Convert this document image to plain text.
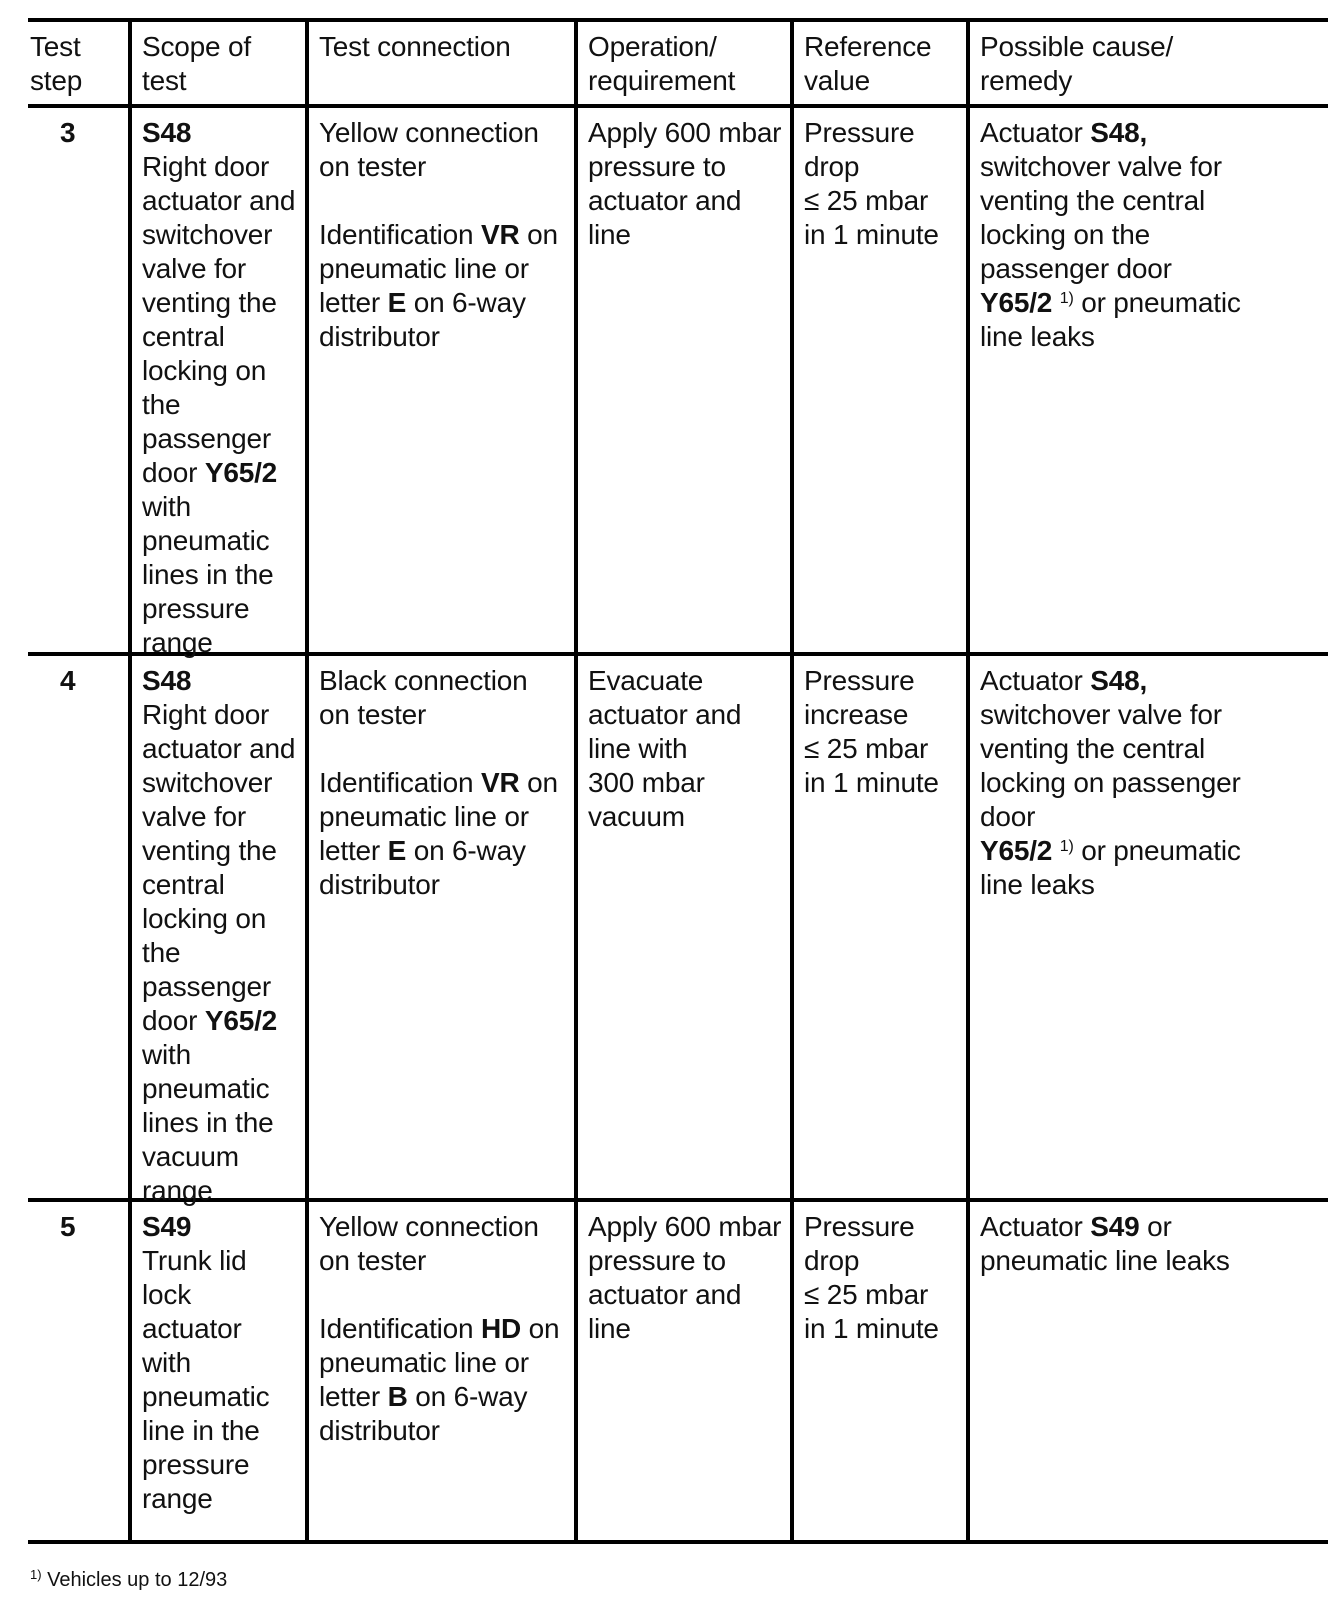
Test
step
Scope of
test
Test connection	Operation/
requirement
Reference
value
Possible cause/
remedy
3 S48
Right door
actuator and
switchover
valve for
venting the
central
locking on
the
passenger
door Y65/2
with
pneumatic
lines in the
pressure
range
Yellow connection
on tester
Identification VR on
pneumatic line or
letter E on 6-way
distributor
Apply 600 mbar
pressure to
actuator and
line
Pressure
drop
≤ 25 mbar
in 1 minute
Actuator S48,
switchover valve for
venting the central
locking on the
passenger door
Y65/2 $^{1)}$ or pneumatic
line leaks
4 S48
Right door
actuator and
switchover
valve for
venting the
central
locking on
the
passenger
door Y65/2
with
pneumatic
lines in the
vacuum
range
Black connection
on tester
Identification VR on
pneumatic line or
letter E on 6-way
distributor
Evacuate
actuator and
line with
300 mbar
vacuum
Pressure
increase
≤ 25 mbar
in 1 minute
Actuator S48,
switchover valve for
venting the central
locking on passenger
door
Y65/2 $^{1)}$ or pneumatic
line leaks
5 S49
Trunk lid
lock
actuator
with
pneumatic
line in the
pressure
range
Yellow connection
on tester
Identification HD on
pneumatic line or
letter B on 6-way
distributor
Apply 600 mbar
pressure to
actuator and
line
Pressure
drop
≤ 25 mbar
in 1 minute
Actuator S49 or
pneumatic line leaks
$^{1)}$ Vehicles up to 12/93
